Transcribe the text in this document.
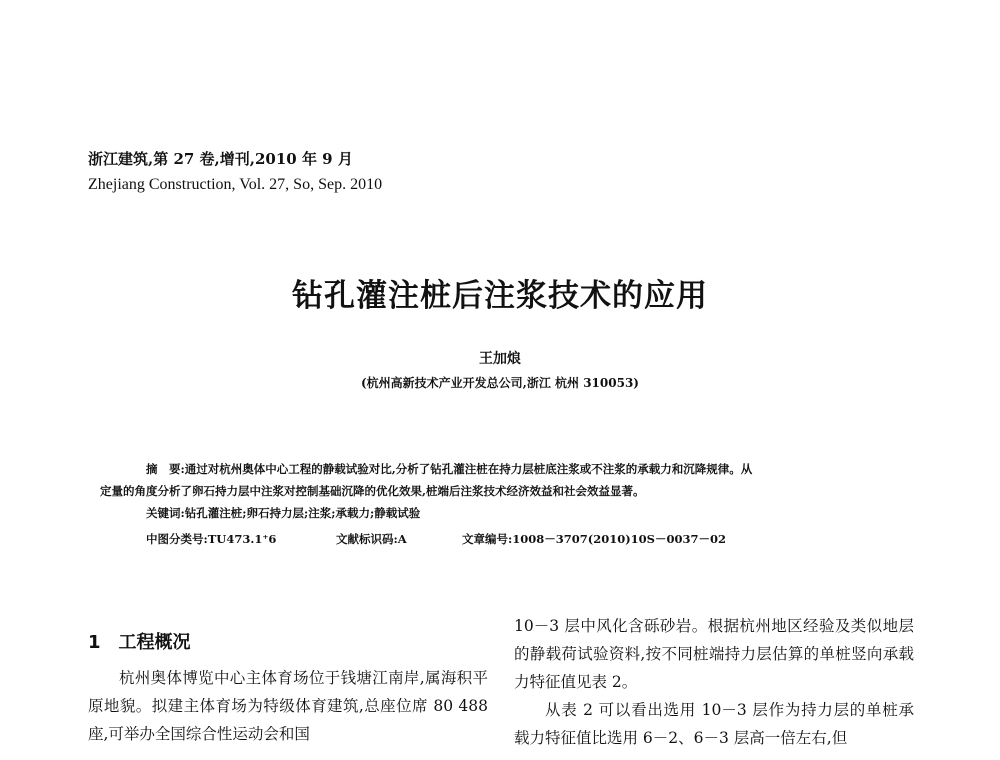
浙江建筑,第 27 卷,增刊,2010 年 9 月
Zhejiang Construction, Vol. 27, So, Sep. 2010
钻孔灌注桩后注浆技术的应用
王加烺
(杭州高新技术产业开发总公司,浙江 杭州 310053)
摘　要:通过对杭州奥体中心工程的静载试验对比,分析了钻孔灌注桩在持力层桩底注浆或不注浆的承载力和沉降规律。从
定量的角度分析了卵石持力层中注浆对控制基础沉降的优化效果,桩端后注浆技术经济效益和社会效益显著。
关键词:钻孔灌注桩;卵石持力层;注浆;承载力;静载试验
中图分类号:TU473.1⁺6	文献标识码:A	文章编号:1008－3707(2010)10S－0037－02
1 工程概况

杭州奥体博览中心主体育场位于钱塘江南岸,属海积平原地貌。拟建主体育场为特级体育建筑,总座位席 80 488 座,可举办全国综合性运动会和国

10－3 层中风化含砾砂岩。根据杭州地区经验及类似地层的静载荷试验资料,按不同桩端持力层估算的单桩竖向承载力特征值见表 2。

从表 2 可以看出选用 10－3 层作为持力层的单桩承载力特征值比选用 6－2、6－3 层高一倍左右,但
